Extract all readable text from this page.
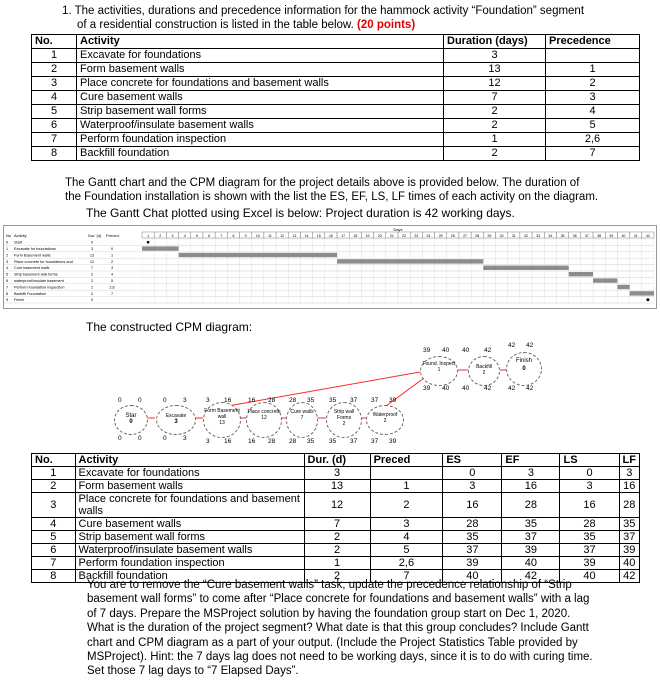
1. The activities, durations and precedence information for the hammock activity “Foundation” segment
of a residential construction is listed in the table below. (20 points)
No.	Activity	Duration (days)	Precedence
1	Excavate for foundations	3	
2	Form basement walls	13	1
3	Place concrete for foundations and basement walls	12	2
4	Cure basement walls	7	3
5	Strip basement wall forms	2	4
6	Waterproof/insulate basement walls	2	5
7	Perform foundation inspection	1	2,6
8	Backfill foundation	2	7
The Gantt chart and the CPM diagram for the project details above is provided below. The duration of
the Foundation installation is shown with the list the ES, EF, LS, LF times of each activity on the diagram.
The Gantt Chat plotted using Excel is below: Project duration is 42 working days.
Days
No Activity	Dur. (d) Preced.	1	2	3	4	5	6	7	8	9	10 11 12 13 14 15 16 17 18 19 20 21 22 23 24 25 26 27 28 29 30 31 32 33 34 35 36 37 38 39 40 41 42
0 Start	0
1 Excavate for foundations	3	0
2 Form Basement walls	13	1
3 Place concrete for foundations and	12	2
4 Cure basement walls	7	3
5 Strip basement wall forms	2	4
6 waterproof/insulate basement	2	5
7 Perform foundation inspection	1	2,6
8 Backfill Foundation	2	7
9 Finish	0
The constructed CPM diagram:
Star
0
0	0
0	0
Excavate
3
0	3
0	3
Form Basement wall
13
3 16
3 16
Place concrete
12
16 28
16 28
Cure walls
7
28 35
28 35
Strip wall Forms
2
35 37
35 37
Waterproof
2
37 39
37 39
Found. Inspect
1
39 40
39 40
Backfill
2
40 42
40 42
Finish
0
42 42
42 42
No.	Activity	Dur. (d)	Preced	ES	EF	LS	LF
1	Excavate for foundations	3		0	3	0	3
2	Form basement walls	13	1	3	16	3	16
3	Place concrete for foundations and basement walls	12	2	16	28	16	28
4	Cure basement walls	7	3	28	35	28	35
5	Strip basement wall forms	2	4	35	37	35	37
6	Waterproof/insulate basement walls	2	5	37	39	37	39
7	Perform foundation inspection	1	2,6	39	40	39	40
8	Backfill foundation	2	7	40	42	40	42
You are to remove the “Cure basement walls” task, update the precedence relationship of “Strip
basement wall forms” to come after “Place concrete for foundations and basement walls” with a lag
of 7 days. Prepare the MSProject solution by having the foundation group start on Dec 1, 2020.
What is the duration of the project segment? What date is that this group concludes? Include Gantt
chart and CPM diagram as a part of your output. (Include the Project Statistics Table provided by
MSProject). Hint: the 7 days lag does not need to be working days, since it is to do with curing time.
Set those 7 lag days to “7 Elapsed Days”.
